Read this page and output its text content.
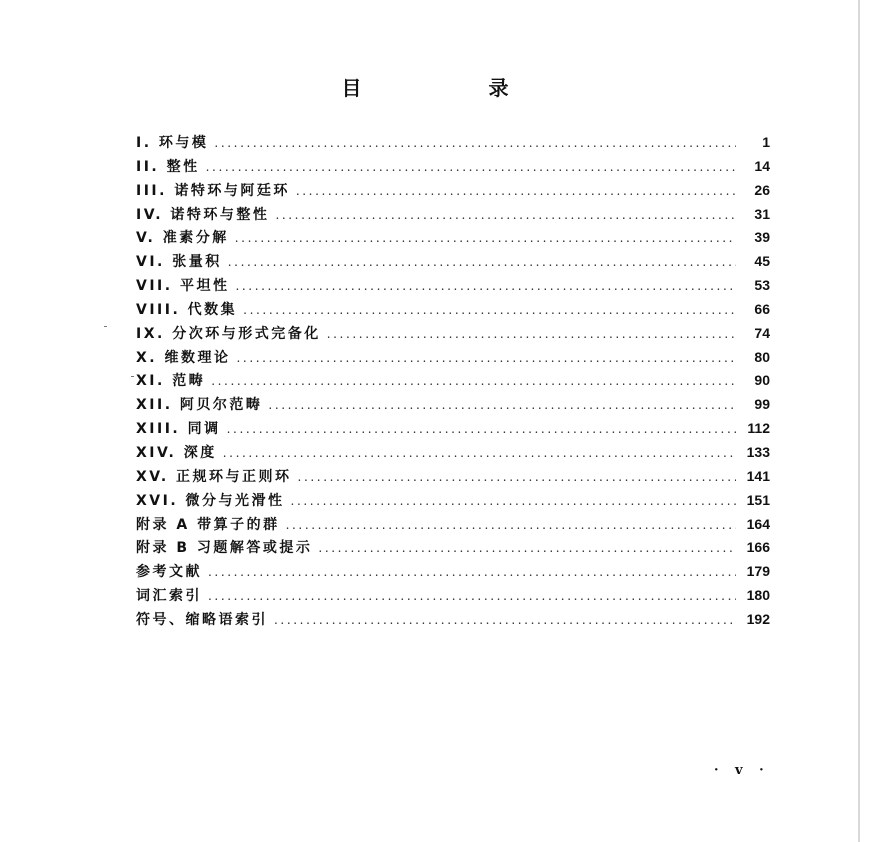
目 录
I. 环与模 .....	1
II. 整性 .....	14
III. 诺特环与阿廷环 .....	26
IV. 诺特环与整性 .....	31
V. 准素分解 .....	39
VI. 张量积 .....	45
VII. 平坦性 .....	53
VIII. 代数集 .....	66
IX. 分次环与形式完备化 .....	74
X. 维数理论 .....	80
XI. 范畴 .....	90
XII. 阿贝尔范畴 .....	99
XIII. 同调 .....	112
XIV. 深度 .....	133
XV. 正规环与正则环 .....	141
XVI. 微分与光滑性 .....	151
附录 A 带算子的群 .....	164
附录 B 习题解答或提示 .....	166
参考文献 .....	179
词汇索引 .....	180
符号、缩略语索引 .....	192
· v ·
